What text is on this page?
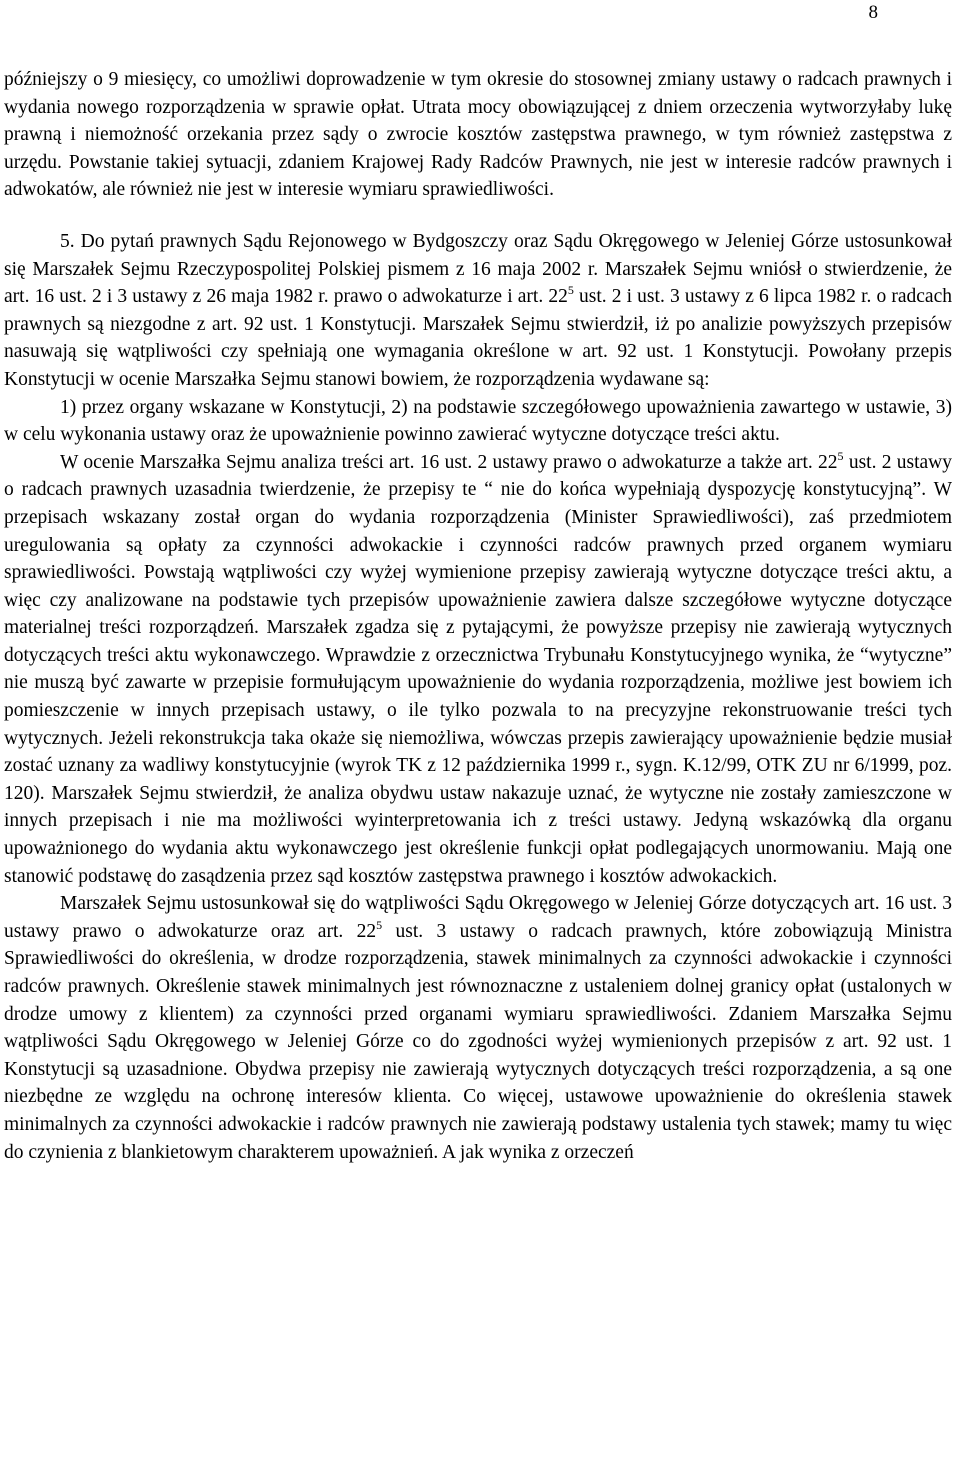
8

późniejszy o 9 miesięcy, co umożliwi doprowadzenie w tym okresie do stosownej zmiany ustawy o radcach prawnych i wydania nowego rozporządzenia w sprawie opłat. Utrata mocy obowiązującej z dniem orzeczenia wytworzyłaby lukę prawną i niemożność orzekania przez sądy o zwrocie kosztów zastępstwa prawnego, w tym również zastępstwa z urzędu. Powstanie takiej sytuacji, zdaniem Krajowej Rady Radców Prawnych, nie jest w interesie radców prawnych i adwokatów, ale również nie jest w interesie wymiaru sprawiedliwości.

5. Do pytań prawnych Sądu Rejonowego w Bydgoszczy oraz Sądu Okręgowego w Jeleniej Górze ustosunkował się Marszałek Sejmu Rzeczypospolitej Polskiej pismem z 16 maja 2002 r. Marszałek Sejmu wniósł o stwierdzenie, że art. 16 ust. 2 i 3 ustawy z 26 maja 1982 r. prawo o adwokaturze i art. $22^5$ ust. 2 i ust. 3 ustawy z 6 lipca 1982 r. o radcach prawnych są niezgodne z art. 92 ust. 1 Konstytucji. Marszałek Sejmu stwierdził, iż po analizie powyższych przepisów nasuwają się wątpliwości czy spełniają one wymagania określone w art. 92 ust. 1 Konstytucji. Powołany przepis Konstytucji w ocenie Marszałka Sejmu stanowi bowiem, że rozporządzenia wydawane są:

1) przez organy wskazane w Konstytucji, 2) na podstawie szczegółowego upoważnienia zawartego w ustawie, 3) w celu wykonania ustawy oraz że upoważnienie powinno zawierać wytyczne dotyczące treści aktu.

W ocenie Marszałka Sejmu analiza treści art. 16 ust. 2 ustawy prawo o adwokaturze a także art. $22^5$ ust. 2 ustawy o radcach prawnych uzasadnia twierdzenie, że przepisy te “ nie do końca wypełniają dyspozycję konstytucyjną”. W przepisach wskazany został organ do wydania rozporządzenia (Minister Sprawiedliwości), zaś przedmiotem uregulowania są opłaty za czynności adwokackie i czynności radców prawnych przed organem wymiaru sprawiedliwości. Powstają wątpliwości czy wyżej wymienione przepisy zawierają wytyczne dotyczące treści aktu, a więc czy analizowane na podstawie tych przepisów upoważnienie zawiera dalsze szczegółowe wytyczne dotyczące materialnej treści rozporządzeń. Marszałek zgadza się z pytającymi, że powyższe przepisy nie zawierają wytycznych dotyczących treści aktu wykonawczego. Wprawdzie z orzecznictwa Trybunału Konstytucyjnego wynika, że “wytyczne” nie muszą być zawarte w przepisie formułującym upoważnienie do wydania rozporządzenia, możliwe jest bowiem ich pomieszczenie w innych przepisach ustawy, o ile tylko pozwala to na precyzyjne rekonstruowanie treści tych wytycznych. Jeżeli rekonstrukcja taka okaże się niemożliwa, wówczas przepis zawierający upoważnienie będzie musiał zostać uznany za wadliwy konstytucyjnie (wyrok TK z 12 października 1999 r., sygn. K.12/99, OTK ZU nr 6/1999, poz. 120). Marszałek Sejmu stwierdził, że analiza obydwu ustaw nakazuje uznać, że wytyczne nie zostały zamieszczone w innych przepisach i nie ma możliwości wyinterpretowania ich z treści ustawy. Jedyną wskazówką dla organu upoważnionego do wydania aktu wykonawczego jest określenie funkcji opłat podlegających unormowaniu. Mają one stanowić podstawę do zasądzenia przez sąd kosztów zastępstwa prawnego i kosztów adwokackich.

Marszałek Sejmu ustosunkował się do wątpliwości Sądu Okręgowego w Jeleniej Górze dotyczących art. 16 ust. 3 ustawy prawo o adwokaturze oraz art. $22^5$ ust. 3 ustawy o radcach prawnych, które zobowiązują Ministra Sprawiedliwości do określenia, w drodze rozporządzenia, stawek minimalnych za czynności adwokackie i czynności radców prawnych. Określenie stawek minimalnych jest równoznaczne z ustaleniem dolnej granicy opłat (ustalonych w drodze umowy z klientem) za czynności przed organami wymiaru sprawiedliwości. Zdaniem Marszałka Sejmu wątpliwości Sądu Okręgowego w Jeleniej Górze co do zgodności wyżej wymienionych przepisów z art. 92 ust. 1 Konstytucji są uzasadnione. Obydwa przepisy nie zawierają wytycznych dotyczących treści rozporządzenia, a są one niezbędne ze względu na ochronę interesów klienta. Co więcej, ustawowe upoważnienie do określenia stawek minimalnych za czynności adwokackie i radców prawnych nie zawierają podstawy ustalenia tych stawek; mamy tu więc do czynienia z blankietowym charakterem upoważnień. A jak wynika z orzeczeń
